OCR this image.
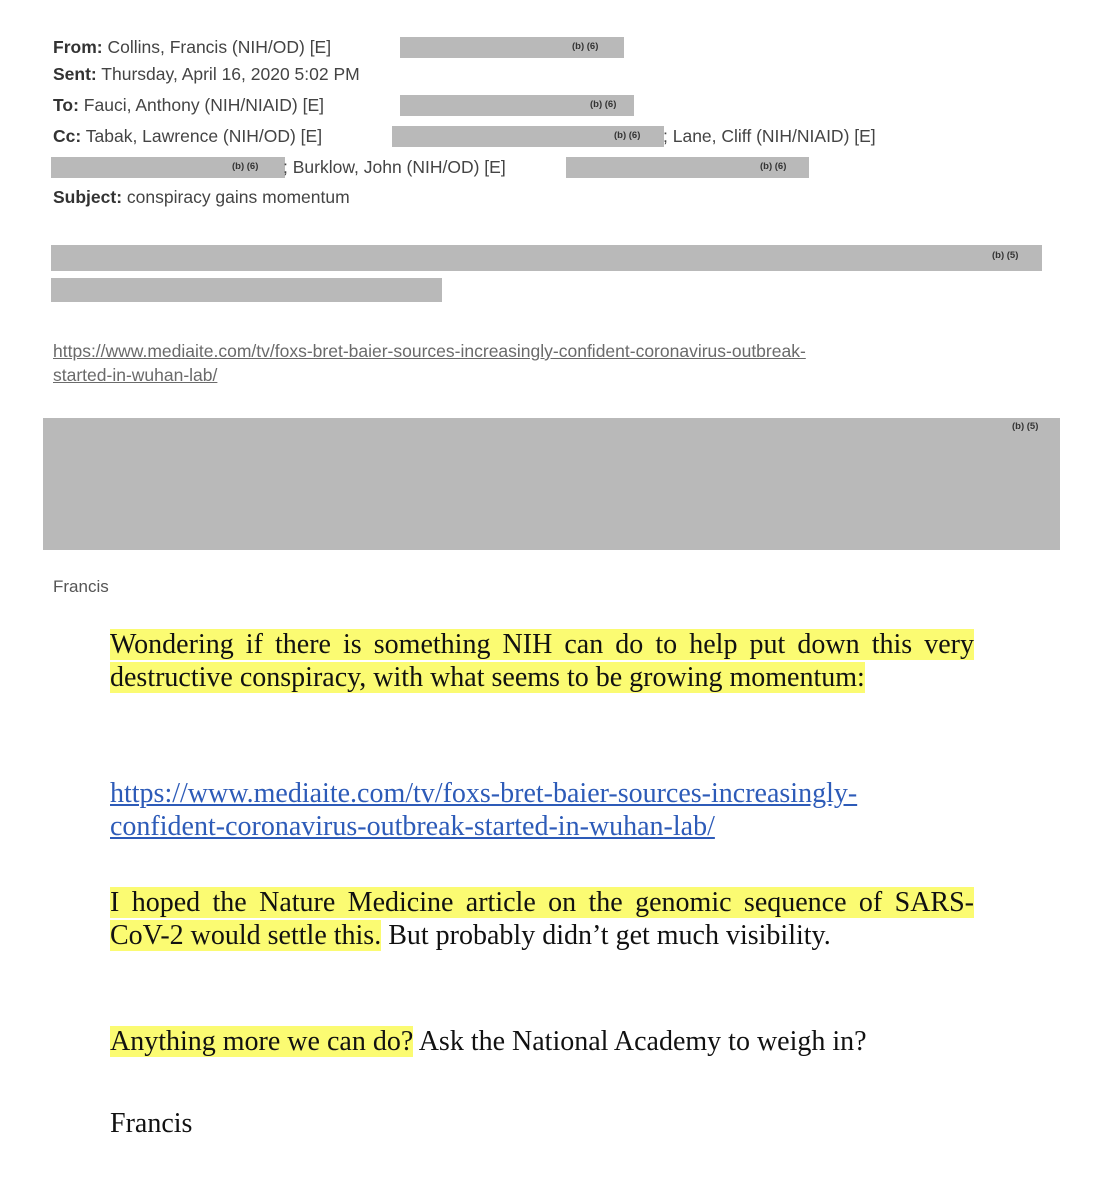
From: Collins, Francis (NIH/OD) [E]	(b) (6)
Sent: Thursday, April 16, 2020 5:02 PM
To: Fauci, Anthony (NIH/NIAID) [E]	(b) (6)
Cc: Tabak, Lawrence (NIH/OD) [E]	(b) (6) ; Lane, Cliff (NIH/NIAID) [E]
(b) (6) ; Burklow, John (NIH/OD) [E]	(b) (6)
Subject: conspiracy gains momentum
(b) (5)
https://www.mediaite.com/tv/foxs-bret-baier-sources-increasingly-confident-coronavirus-outbreak-
started-in-wuhan-lab/
(b) (5)
Francis

Wondering if there is something NIH can do to help put down this very destructive conspiracy, with what seems to be growing momentum:

https://www.mediaite.com/tv/foxs-bret-baier-sources-increasingly-
confident-coronavirus-outbreak-started-in-wuhan-lab/

I hoped the Nature Medicine article on the genomic sequence of SARS-CoV-2 would settle this. But probably didn’t get much visibility.

Anything more we can do? Ask the National Academy to weigh in?

Francis
